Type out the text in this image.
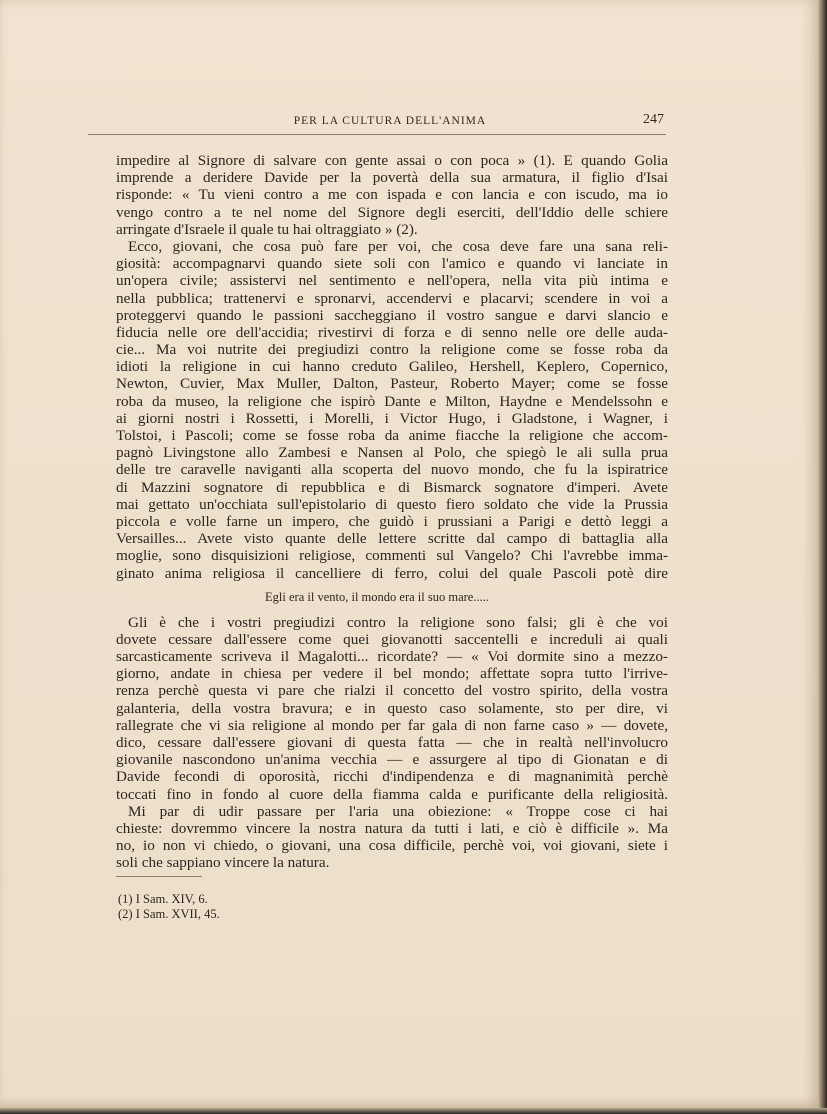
PER LA CULTURA DELL'ANIMA	247
impedire al Signore di salvare con gente assai o con poca » (1). E quando Golia
imprende a deridere Davide per la povertà della sua armatura, il figlio d'Isai
risponde: « Tu vieni contro a me con ispada e con lancia e con iscudo, ma io
vengo contro a te nel nome del Signore degli eserciti, dell'Iddio delle schiere
arringate d'Israele il quale tu hai oltraggiato » (2).
Ecco, giovani, che cosa può fare per voi, che cosa deve fare una sana reli-
giosità: accompagnarvi quando siete soli con l'amico e quando vi lanciate in
un'opera civile; assistervi nel sentimento e nell'opera, nella vita più intima e
nella pubblica; trattenervi e spronarvi, accendervi e placarvi; scendere in voi a
proteggervi quando le passioni saccheggiano il vostro sangue e darvi slancio e
fiducia nelle ore dell'accidia; rivestirvi di forza e di senno nelle ore delle auda-
cie... Ma voi nutrite dei pregiudizi contro la religione come se fosse roba da
idioti la religione in cui hanno creduto Galileo, Hershell, Keplero, Copernico,
Newton, Cuvier, Max Muller, Dalton, Pasteur, Roberto Mayer; come se fosse
roba da museo, la religione che ispirò Dante e Milton, Haydne e Mendelssohn e
ai giorni nostri i Rossetti, i Morelli, i Victor Hugo, i Gladstone, i Wagner, i
Tolstoi, i Pascoli; come se fosse roba da anime fiacche la religione che accom-
pagnò Livingstone allo Zambesi e Nansen al Polo, che spiegò le ali sulla prua
delle tre caravelle naviganti alla scoperta del nuovo mondo, che fu la ispiratrice
di Mazzini sognatore di repubblica e di Bismarck sognatore d'imperi. Avete
mai gettato un'occhiata sull'epistolario di questo fiero soldato che vide la Prussia
piccola e volle farne un impero, che guidò i prussiani a Parigi e dettò leggi a
Versailles... Avete visto quante delle lettere scritte dal campo di battaglia alla
moglie, sono disquisizioni religiose, commenti sul Vangelo? Chi l'avrebbe imma-
ginato anima religiosa il cancelliere di ferro, colui del quale Pascoli potè dire
Egli era il vento, il mondo era il suo mare.....
Gli è che i vostri pregiudizi contro la religione sono falsi; gli è che voi
dovete cessare dall'essere come quei giovanotti saccentelli e increduli ai quali
sarcasticamente scriveva il Magalotti... ricordate? — « Voi dormite sino a mezzo-
giorno, andate in chiesa per vedere il bel mondo; affettate sopra tutto l'irrive-
renza perchè questa vi pare che rialzi il concetto del vostro spirito, della vostra
galanteria, della vostra bravura; e in questo caso solamente, sto per dire, vi
rallegrate che vi sia religione al mondo per far gala di non farne caso » — dovete,
dico, cessare dall'essere giovani di questa fatta — che in realtà nell'involucro
giovanile nascondono un'anima vecchia — e assurgere al tipo di Gionatan e di
Davide fecondi di oporosità, ricchi d'indipendenza e di magnanimità perchè
toccati fino in fondo al cuore della fiamma calda e purificante della religiosità.
Mi par di udir passare per l'aria una obiezione: « Troppe cose ci hai
chieste: dovremmo vincere la nostra natura da tutti i lati, e ciò è difficile ». Ma
no, io non vi chiedo, o giovani, una cosa difficile, perchè voi, voi giovani, siete i
soli che sappiano vincere la natura.
(1) I Sam. XIV, 6.
(2) I Sam. XVII, 45.
